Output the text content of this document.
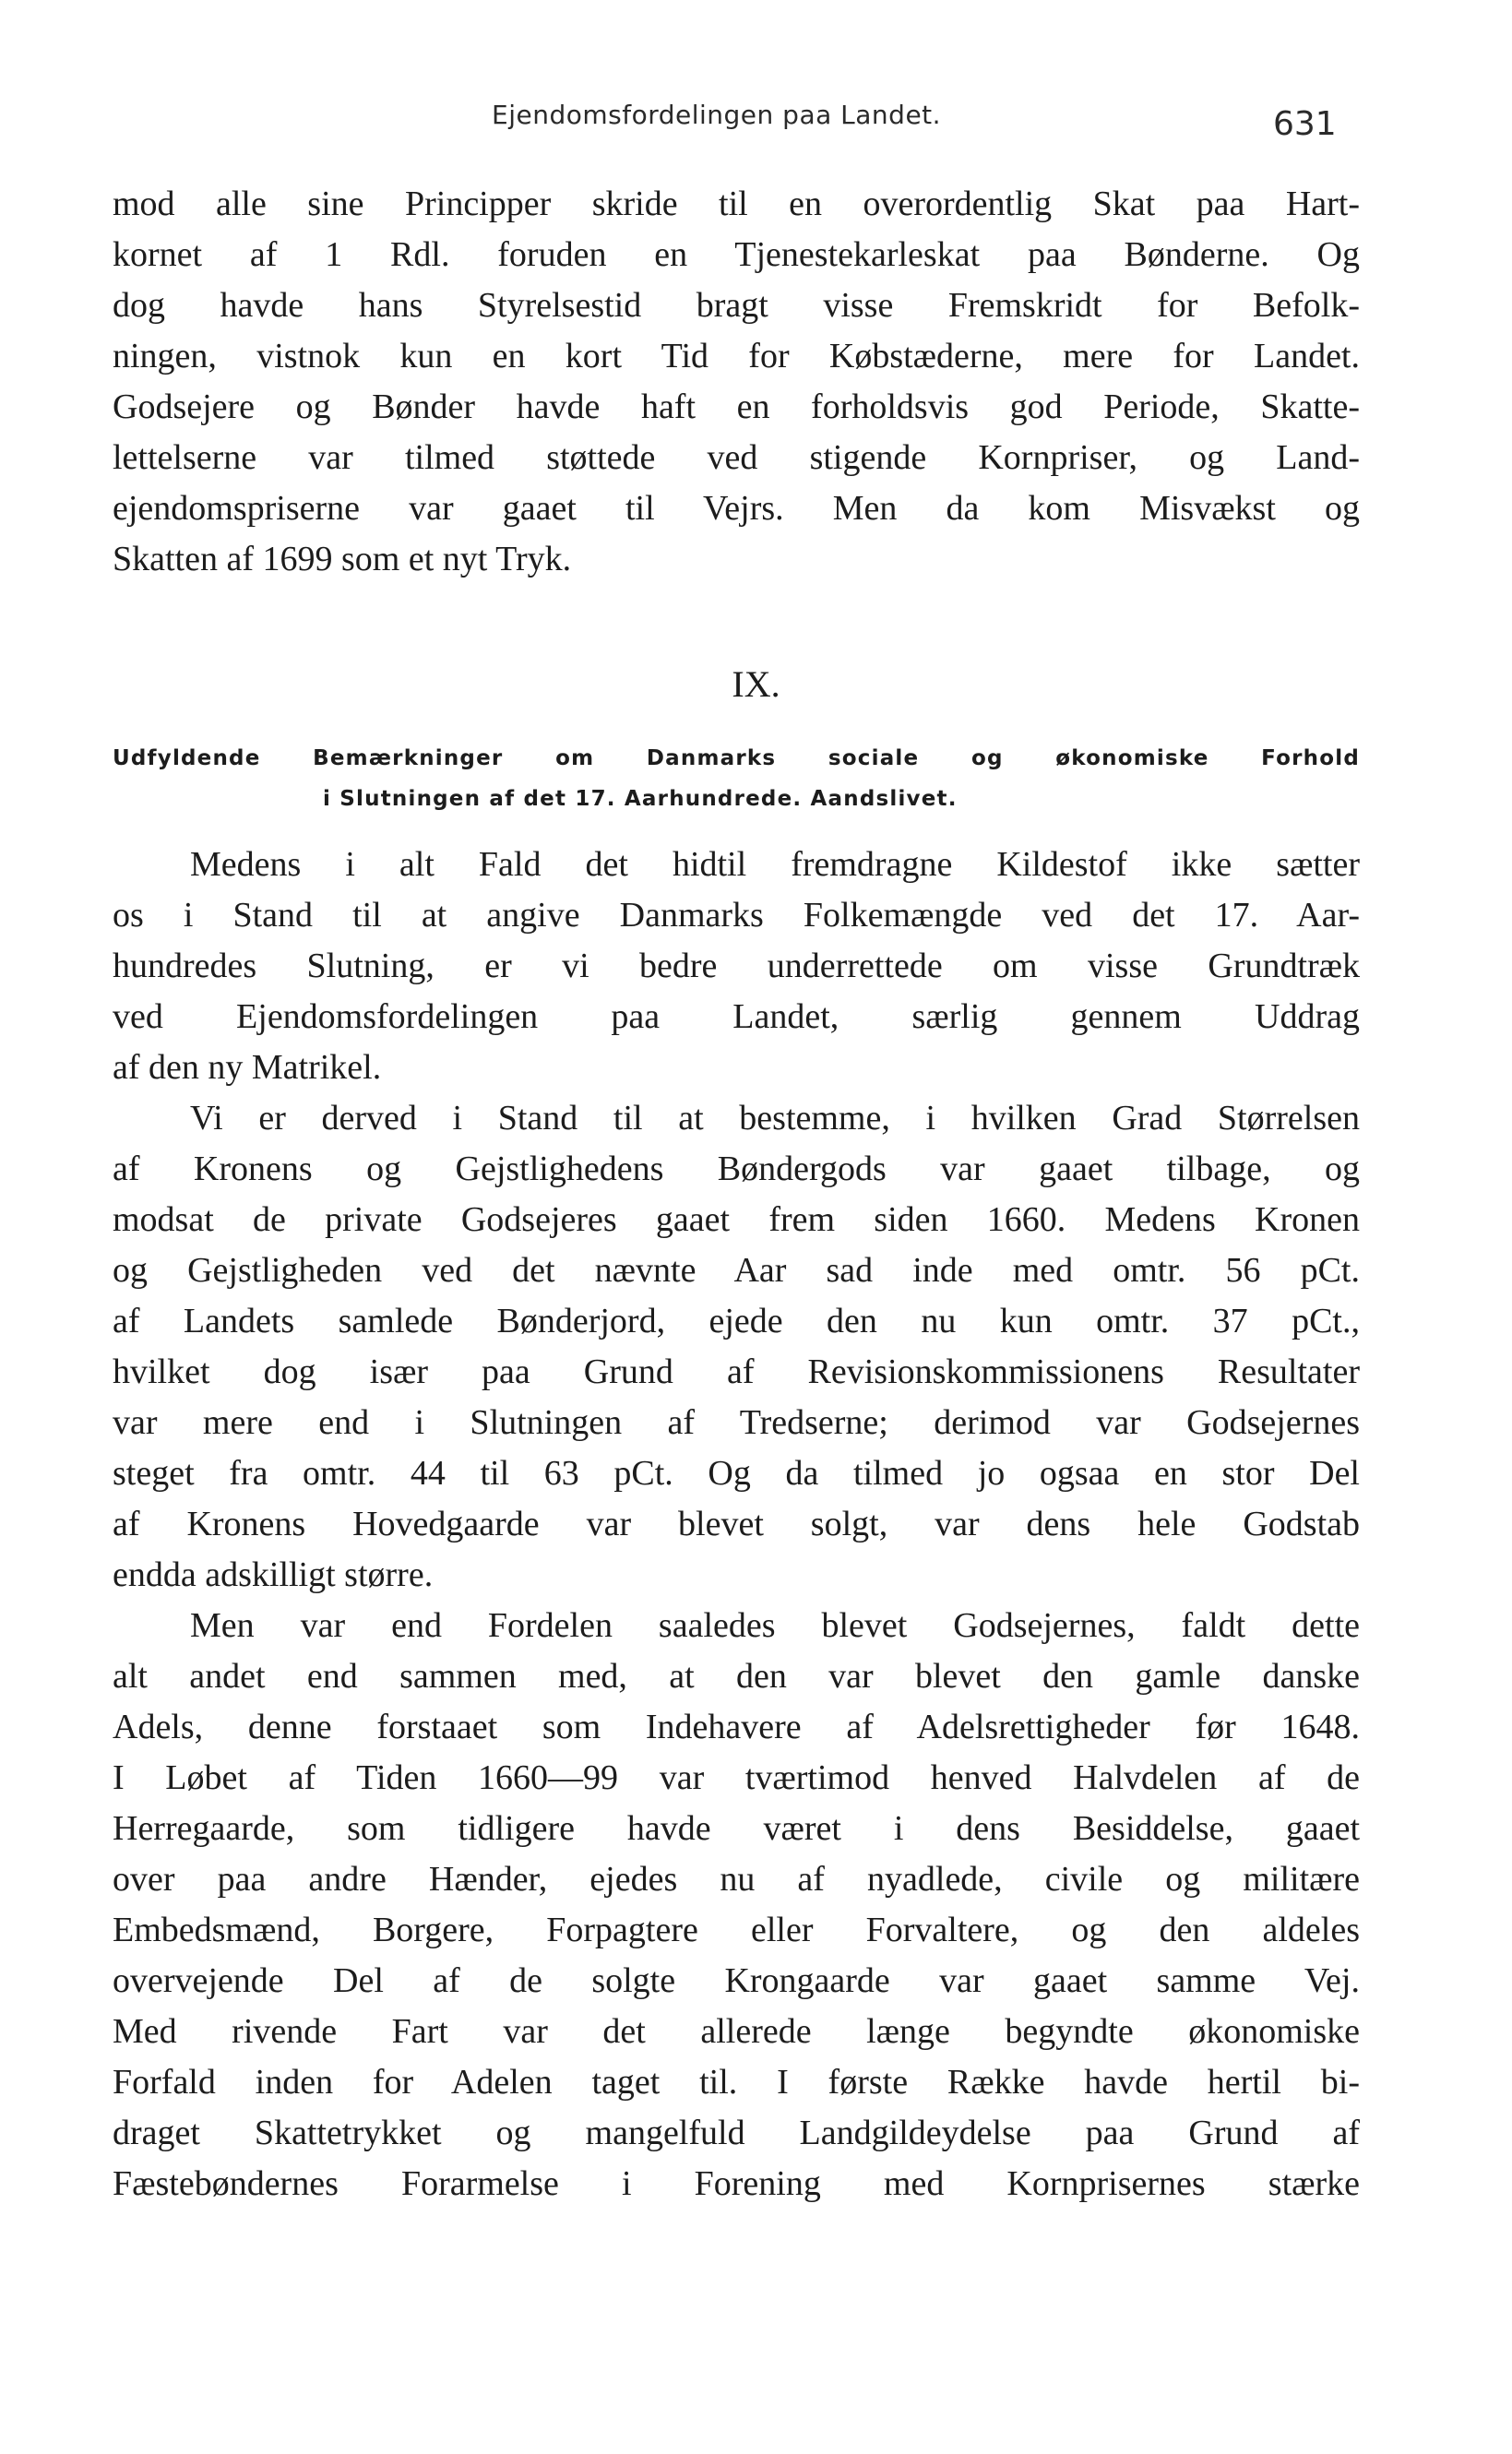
Ejendomsfordelingen paa Landet.	631
mod alle sine Principper skride til en overordentlig Skat paa Hart-
kornet af 1 Rdl. foruden en Tjenestekarleskat paa Bønderne. Og
dog havde hans Styrelsestid bragt visse Fremskridt for Befolk-
ningen, vistnok kun en kort Tid for Købstæderne, mere for Landet.
Godsejere og Bønder havde haft en forholdsvis god Periode, Skatte-
lettelserne var tilmed støttede ved stigende Kornpriser, og Land-
ejendomspriserne var gaaet til Vejrs. Men da kom Misvækst og
Skatten af 1699 som et nyt Tryk.
IX.
Udfyldende Bemærkninger om Danmarks sociale og økonomiske Forhold
i Slutningen af det 17. Aarhundrede. Aandslivet.
Medens i alt Fald det hidtil fremdragne Kildestof ikke sætter
os i Stand til at angive Danmarks Folkemængde ved det 17. Aar-
hundredes Slutning, er vi bedre underrettede om visse Grundtræk
ved Ejendomsfordelingen paa Landet, særlig gennem Uddrag
af den ny Matrikel.
Vi er derved i Stand til at bestemme, i hvilken Grad Størrelsen
af Kronens og Gejstlighedens Bøndergods var gaaet tilbage, og
modsat de private Godsejeres gaaet frem siden 1660. Medens Kronen
og Gejstligheden ved det nævnte Aar sad inde med omtr. 56 pCt.
af Landets samlede Bønderjord, ejede den nu kun omtr. 37 pCt.,
hvilket dog især paa Grund af Revisionskommissionens Resultater
var mere end i Slutningen af Tredserne; derimod var Godsejernes
steget fra omtr. 44 til 63 pCt. Og da tilmed jo ogsaa en stor Del
af Kronens Hovedgaarde var blevet solgt, var dens hele Godstab
endda adskilligt større.
Men var end Fordelen saaledes blevet Godsejernes, faldt dette
alt andet end sammen med, at den var blevet den gamle danske
Adels, denne forstaaet som Indehavere af Adelsrettigheder før 1648.
I Løbet af Tiden 1660—99 var tværtimod henved Halvdelen af de
Herregaarde, som tidligere havde været i dens Besiddelse, gaaet
over paa andre Hænder, ejedes nu af nyadlede, civile og militære
Embedsmænd, Borgere, Forpagtere eller Forvaltere, og den aldeles
overvejende Del af de solgte Krongaarde var gaaet samme Vej.
Med rivende Fart var det allerede længe begyndte økonomiske
Forfald inden for Adelen taget til. I første Række havde hertil bi-
draget Skattetrykket og mangelfuld Landgildeydelse paa Grund af
Fæstebøndernes Forarmelse i Forening med Kornprisernes stærke
